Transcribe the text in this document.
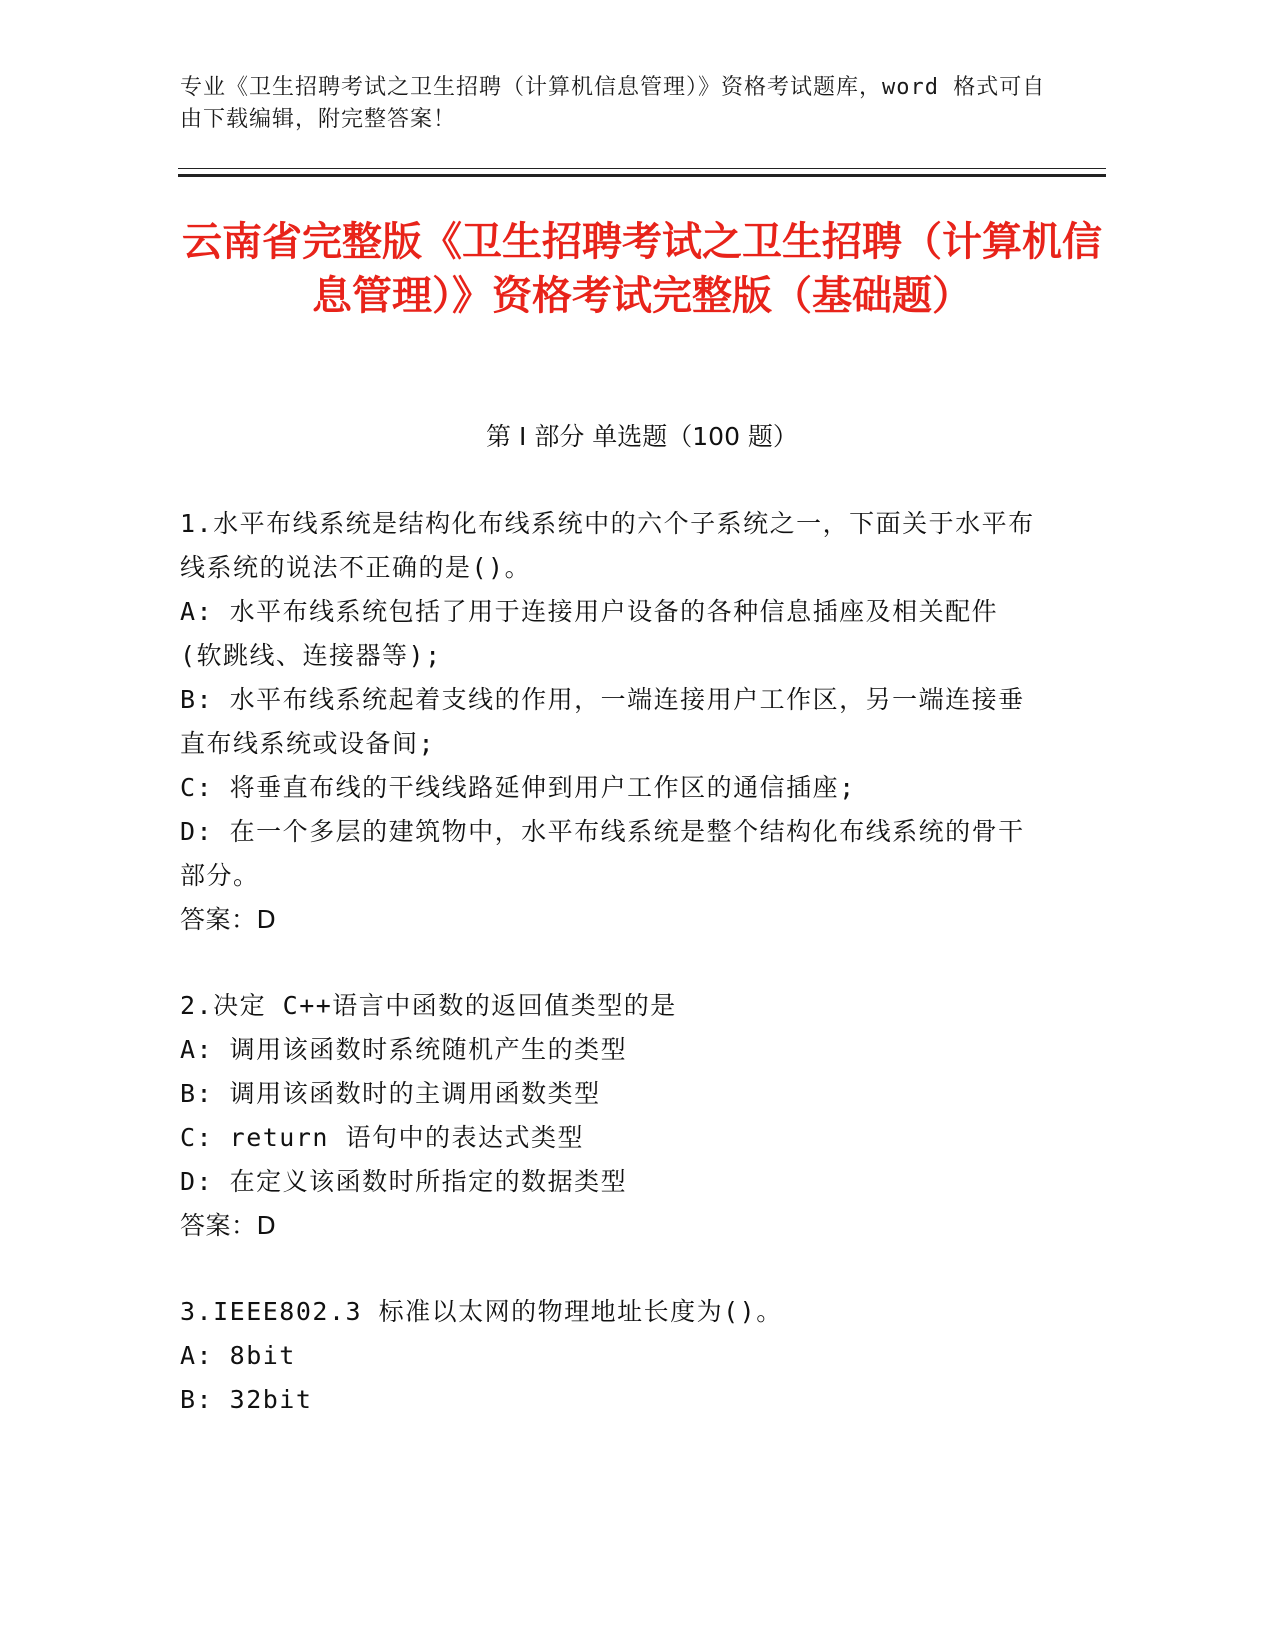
专业《卫生招聘考试之卫生招聘（计算机信息管理）》资格考试题库，word 格式可自由下载编辑，附完整答案！
云南省完整版《卫生招聘考试之卫生招聘（计算机信息管理）》资格考试完整版（基础题）
第 I 部分 单选题（100 题）

1.水平布线系统是结构化布线系统中的六个子系统之一，下面关于水平布线系统的说法不正确的是()。

A: 水平布线系统包括了用于连接用户设备的各种信息插座及相关配件(软跳线、连接器等);

B: 水平布线系统起着支线的作用，一端连接用户工作区，另一端连接垂直布线系统或设备间;

C: 将垂直布线的干线线路延伸到用户工作区的通信插座;

D: 在一个多层的建筑物中，水平布线系统是整个结构化布线系统的骨干部分。

答案：D

2.决定 C++语言中函数的返回值类型的是

A: 调用该函数时系统随机产生的类型

B: 调用该函数时的主调用函数类型

C: return 语句中的表达式类型

D: 在定义该函数时所指定的数据类型

答案：D

3.IEEE802.3 标准以太网的物理地址长度为()。

A: 8bit

B: 32bit
